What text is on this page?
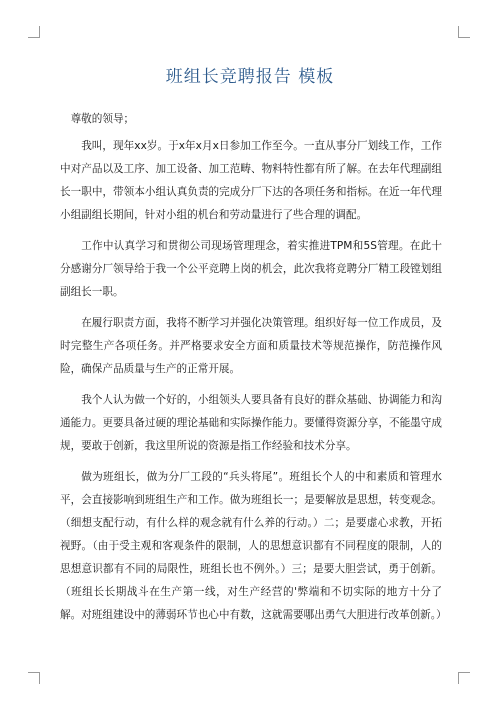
班组长竞聘报告 模板

尊敬的领导；

我叫，现年xx岁。于x年x月x日参加工作至今。一直从事分厂划线工作，工作中对产品以及工序、加工设备、加工范畴、物料特性都有所了解。在去年代理副组长一职中，带领本小组认真负责的完成分厂下达的各项任务和指标。在近一年代理小组副组长期间，针对小组的机台和劳动量进行了些合理的调配。

工作中认真学习和贯彻公司现场管理理念，着实推进TPM和5S管理。在此十分感谢分厂领导给于我一个公平竞聘上岗的机会，此次我将竞聘分厂精工段镗划组副组长一职。

在履行职责方面，我将不断学习并强化决策管理。组织好每一位工作成员，及时完整生产各项任务。并严格要求安全方面和质量技术等规范操作，防范操作风险，确保产品质量与生产的正常开展。

我个人认为做一个好的，小组领头人要具备有良好的群众基础、协调能力和沟通能力。更要具备过硬的理论基础和实际操作能力。要懂得资源分享，不能墨守成规，要敢于创新，我这里所说的资源是指工作经验和技术分享。

做为班组长，做为分厂工段的“兵头将尾”。班组长个人的中和素质和管理水平，会直接影响到班组生产和工作。做为班组长一；是要解放是思想，转变观念。（细想支配行动，有什么样的观念就有什么养的行动。）二；是要虚心求教，开拓视野。（由于受主观和客观条件的限制，人的思想意识都有不同程度的限制，人的思想意识都有不同的局限性，班组长也不例外。）三；是要大胆尝试，勇于创新。（班组长长期战斗在生产第一线，对生产经营的'弊端和不切实际的地方十分了解。对班组建设中的薄弱环节也心中有数，这就需要哪出勇气大胆进行改革创新。）
